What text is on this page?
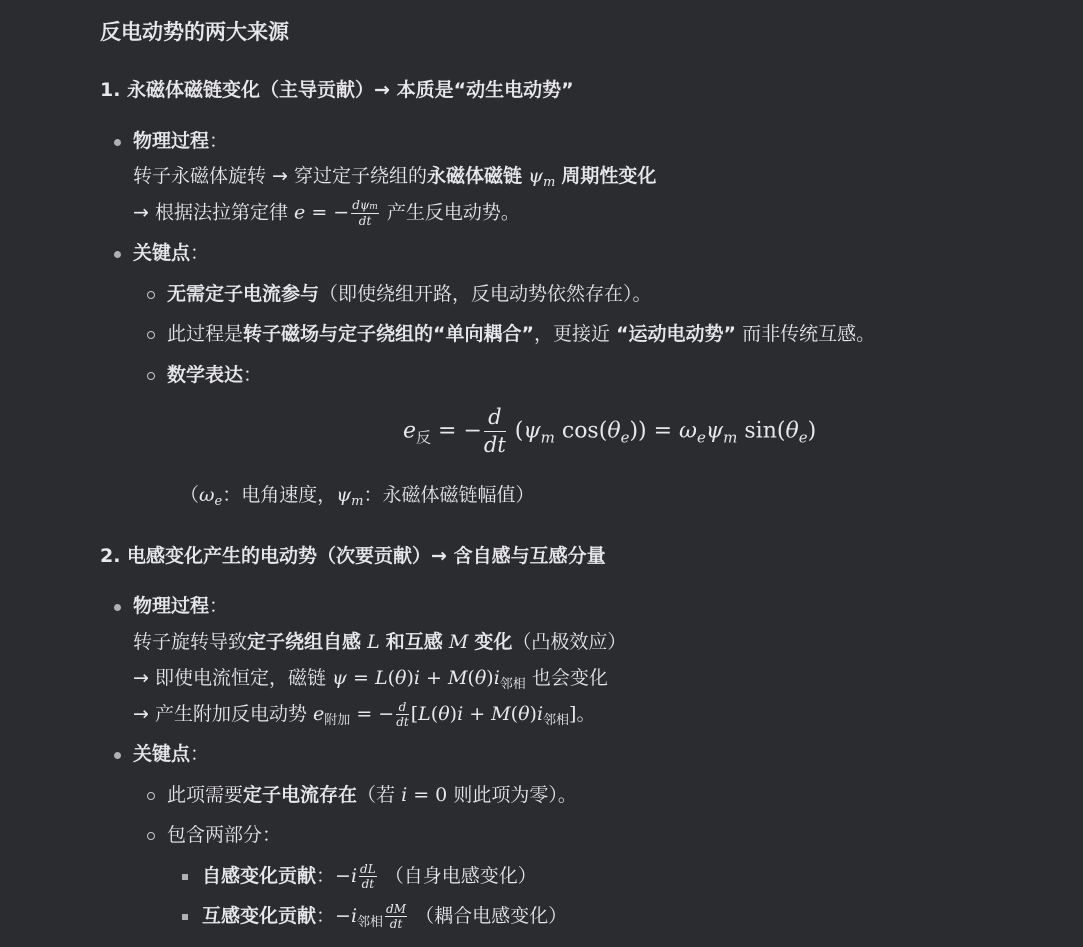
反电动势的两大来源
1. 永磁体磁链变化（主导贡献）→ 本质是“动生电动势”
物理过程：
转子永磁体旋转 → 穿过定子绕组的永磁体磁链 $\psi_m$ 周期性变化
→ 根据法拉第定律 e = − $\frac{\text{dψm}}{dt}$ 产生反电动势。
关键点：
无需定子电流参与（即使绕组开路，反电动势依然存在）。
此过程是转子磁场与定子绕组的“单向耦合”，更接近 “运动电动势” 而非传统互感。
数学表达：
$e_反$ = − $\frac{d}{dt} (\psi_m$ $\cos(\theta_e)) = \omega_e\psi_m$ $\sin(\theta_e)$
（$\omega_e$：电角速度，$\psi_m$：永磁体磁链幅值）
2. 电感变化产生的电动势（次要贡献）→ 含自感与互感分量
物理过程：
转子旋转导致定子绕组自感 L 和互感 M 变化（凸极效应）
→ 即使电流恒定，磁链 $\psi = L(\theta)i + M(\theta)i_{邻相}$ 也会变化
→ 产生附加反电动势 $e_{附加}$ = − $\frac{d}{dt} [L(\theta)i + M(\theta)i_{邻相}]$。
关键点：
此项需要定子电流存在（若 i = 0 则此项为零）。
包含两部分：
自感变化贡献：$-i \frac{dL}{dt}$ （自身电感变化）
互感变化贡献：$-i_{邻相} \frac{dM}{dt}$ （耦合电感变化）
